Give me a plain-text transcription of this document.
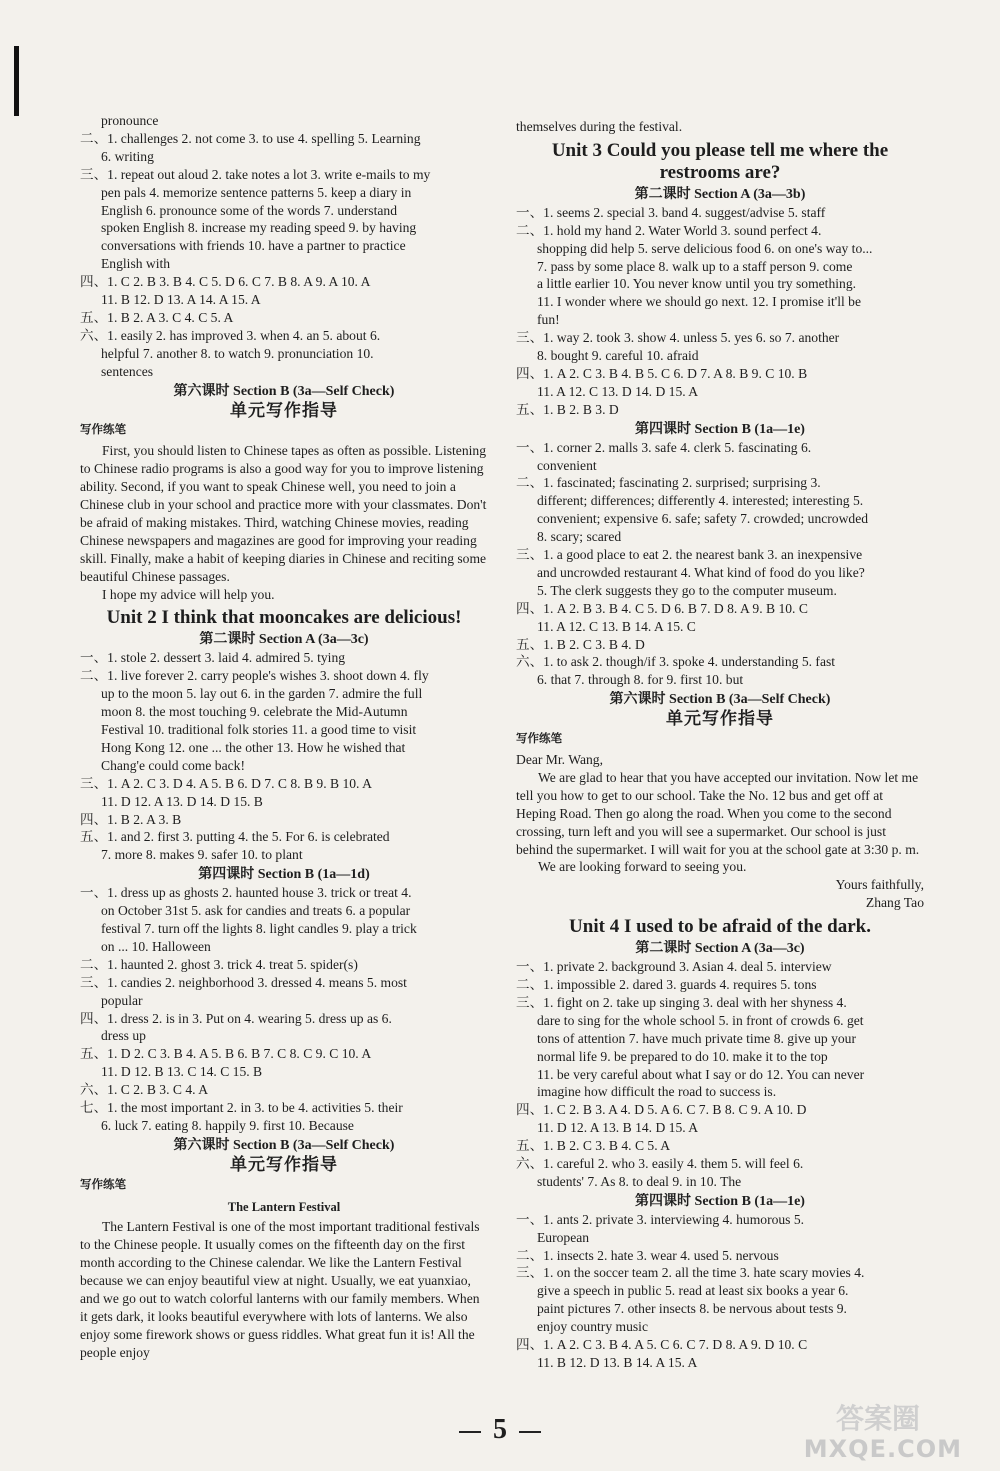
pronounce
二、1. challenges 2. not come 3. to use 4. spelling 5. Learning
6. writing
三、1. repeat out aloud 2. take notes a lot 3. write e-mails to my
pen pals 4. memorize sentence patterns 5. keep a diary in
English 6. pronounce some of the words 7. understand
spoken English 8. increase my reading speed 9. by having
conversations with friends 10. have a partner to practice
English with
四、1. C 2. B 3. B 4. C 5. D 6. C 7. B 8. A 9. A 10. A
11. B 12. D 13. A 14. A 15. A
五、1. B 2. A 3. C 4. C 5. A
六、1. easily 2. has improved 3. when 4. an 5. about 6.
helpful 7. another 8. to watch 9. pronunciation 10.
sentences
第六课时 Section B (3a—Self Check)
单元写作指导
写作练笔
First, you should listen to Chinese tapes as often as possible. Listening to Chinese radio programs is also a good way for you to improve listening ability. Second, if you want to speak Chinese well, you need to join a Chinese club in your school and practice more with your classmates. Don't be afraid of making mistakes. Third, watching Chinese movies, reading Chinese newspapers and magazines are good for improving your reading skill. Finally, make a habit of keeping diaries in Chinese and reciting some beautiful Chinese passages.
I hope my advice will help you.
Unit 2 I think that mooncakes are delicious!
第二课时 Section A (3a—3c)
一、1. stole 2. dessert 3. laid 4. admired 5. tying
二、1. live forever 2. carry people's wishes 3. shoot down 4. fly
up to the moon 5. lay out 6. in the garden 7. admire the full
moon 8. the most touching 9. celebrate the Mid-Autumn
Festival 10. traditional folk stories 11. a good time to visit
Hong Kong 12. one ... the other 13. How he wished that
Chang'e could come back!
三、1. A 2. C 3. D 4. A 5. B 6. D 7. C 8. B 9. B 10. A
11. D 12. A 13. D 14. D 15. B
四、1. B 2. A 3. B
五、1. and 2. first 3. putting 4. the 5. For 6. is celebrated
7. more 8. makes 9. safer 10. to plant
第四课时 Section B (1a—1d)
一、1. dress up as ghosts 2. haunted house 3. trick or treat 4.
on October 31st 5. ask for candies and treats 6. a popular
festival 7. turn off the lights 8. light candles 9. play a trick
on ... 10. Halloween
二、1. haunted 2. ghost 3. trick 4. treat 5. spider(s)
三、1. candies 2. neighborhood 3. dressed 4. means 5. most
popular
四、1. dress 2. is in 3. Put on 4. wearing 5. dress up as 6.
dress up
五、1. D 2. C 3. B 4. A 5. B 6. B 7. C 8. C 9. C 10. A
11. D 12. B 13. C 14. C 15. B
六、1. C 2. B 3. C 4. A
七、1. the most important 2. in 3. to be 4. activities 5. their
6. luck 7. eating 8. happily 9. first 10. Because
第六课时 Section B (3a—Self Check)
单元写作指导
写作练笔
The Lantern Festival
The Lantern Festival is one of the most important traditional festivals to the Chinese people. It usually comes on the fifteenth day on the first month according to the Chinese calendar. We like the Lantern Festival because we can enjoy beautiful view at night. Usually, we eat yuanxiao, and we go out to watch colorful lanterns with our family members. When it gets dark, it looks beautiful everywhere with lots of lanterns. We also enjoy some firework shows or guess riddles. What great fun it is! All the people enjoy
themselves during the festival.
Unit 3 Could you please tell me where the restrooms are?
第二课时 Section A (3a—3b)
一、1. seems 2. special 3. band 4. suggest/advise 5. staff
二、1. hold my hand 2. Water World 3. sound perfect 4.
shopping did help 5. serve delicious food 6. on one's way to...
7. pass by some place 8. walk up to a staff person 9. come
a little earlier 10. You never know until you try something.
11. I wonder where we should go next. 12. I promise it'll be
fun!
三、1. way 2. took 3. show 4. unless 5. yes 6. so 7. another
8. bought 9. careful 10. afraid
四、1. A 2. C 3. B 4. B 5. C 6. D 7. A 8. B 9. C 10. B
11. A 12. C 13. D 14. D 15. A
五、1. B 2. B 3. D
第四课时 Section B (1a—1e)
一、1. corner 2. malls 3. safe 4. clerk 5. fascinating 6.
convenient
二、1. fascinated; fascinating 2. surprised; surprising 3.
different; differences; differently 4. interested; interesting 5.
convenient; expensive 6. safe; safety 7. crowded; uncrowded
8. scary; scared
三、1. a good place to eat 2. the nearest bank 3. an inexpensive
and uncrowded restaurant 4. What kind of food do you like?
5. The clerk suggests they go to the computer museum.
四、1. A 2. B 3. B 4. C 5. D 6. B 7. D 8. A 9. B 10. C
11. A 12. C 13. B 14. A 15. C
五、1. B 2. C 3. B 4. D
六、1. to ask 2. though/if 3. spoke 4. understanding 5. fast
6. that 7. through 8. for 9. first 10. but
第六课时 Section B (3a—Self Check)
单元写作指导
写作练笔
Dear Mr. Wang,
We are glad to hear that you have accepted our invitation. Now let me tell you how to get to our school. Take the No. 12 bus and get off at Heping Road. Then go along the road. When you come to the second crossing, turn left and you will see a supermarket. Our school is just behind the supermarket. I will wait for you at the school gate at 3:30 p. m.
We are looking forward to seeing you.
Yours faithfully,
Zhang Tao
Unit 4 I used to be afraid of the dark.
第二课时 Section A (3a—3c)
一、1. private 2. background 3. Asian 4. deal 5. interview
二、1. impossible 2. dared 3. guards 4. requires 5. tons
三、1. fight on 2. take up singing 3. deal with her shyness 4.
dare to sing for the whole school 5. in front of crowds 6. get
tons of attention 7. have much private time 8. give up your
normal life 9. be prepared to do 10. make it to the top
11. be very careful about what I say or do 12. You can never
imagine how difficult the road to success is.
四、1. C 2. B 3. A 4. D 5. A 6. C 7. B 8. C 9. A 10. D
11. D 12. A 13. B 14. D 15. A
五、1. B 2. C 3. B 4. C 5. A
六、1. careful 2. who 3. easily 4. them 5. will feel 6.
students' 7. As 8. to deal 9. in 10. The
第四课时 Section B (1a—1e)
一、1. ants 2. private 3. interviewing 4. humorous 5.
European
二、1. insects 2. hate 3. wear 4. used 5. nervous
三、1. on the soccer team 2. all the time 3. hate scary movies 4.
give a speech in public 5. read at least six books a year 6.
paint pictures 7. other insects 8. be nervous about tests 9.
enjoy country music
四、1. A 2. C 3. B 4. A 5. C 6. C 7. D 8. A 9. D 10. C
11. B 12. D 13. B 14. A 15. A
5	答案圈
MXQE.COM
